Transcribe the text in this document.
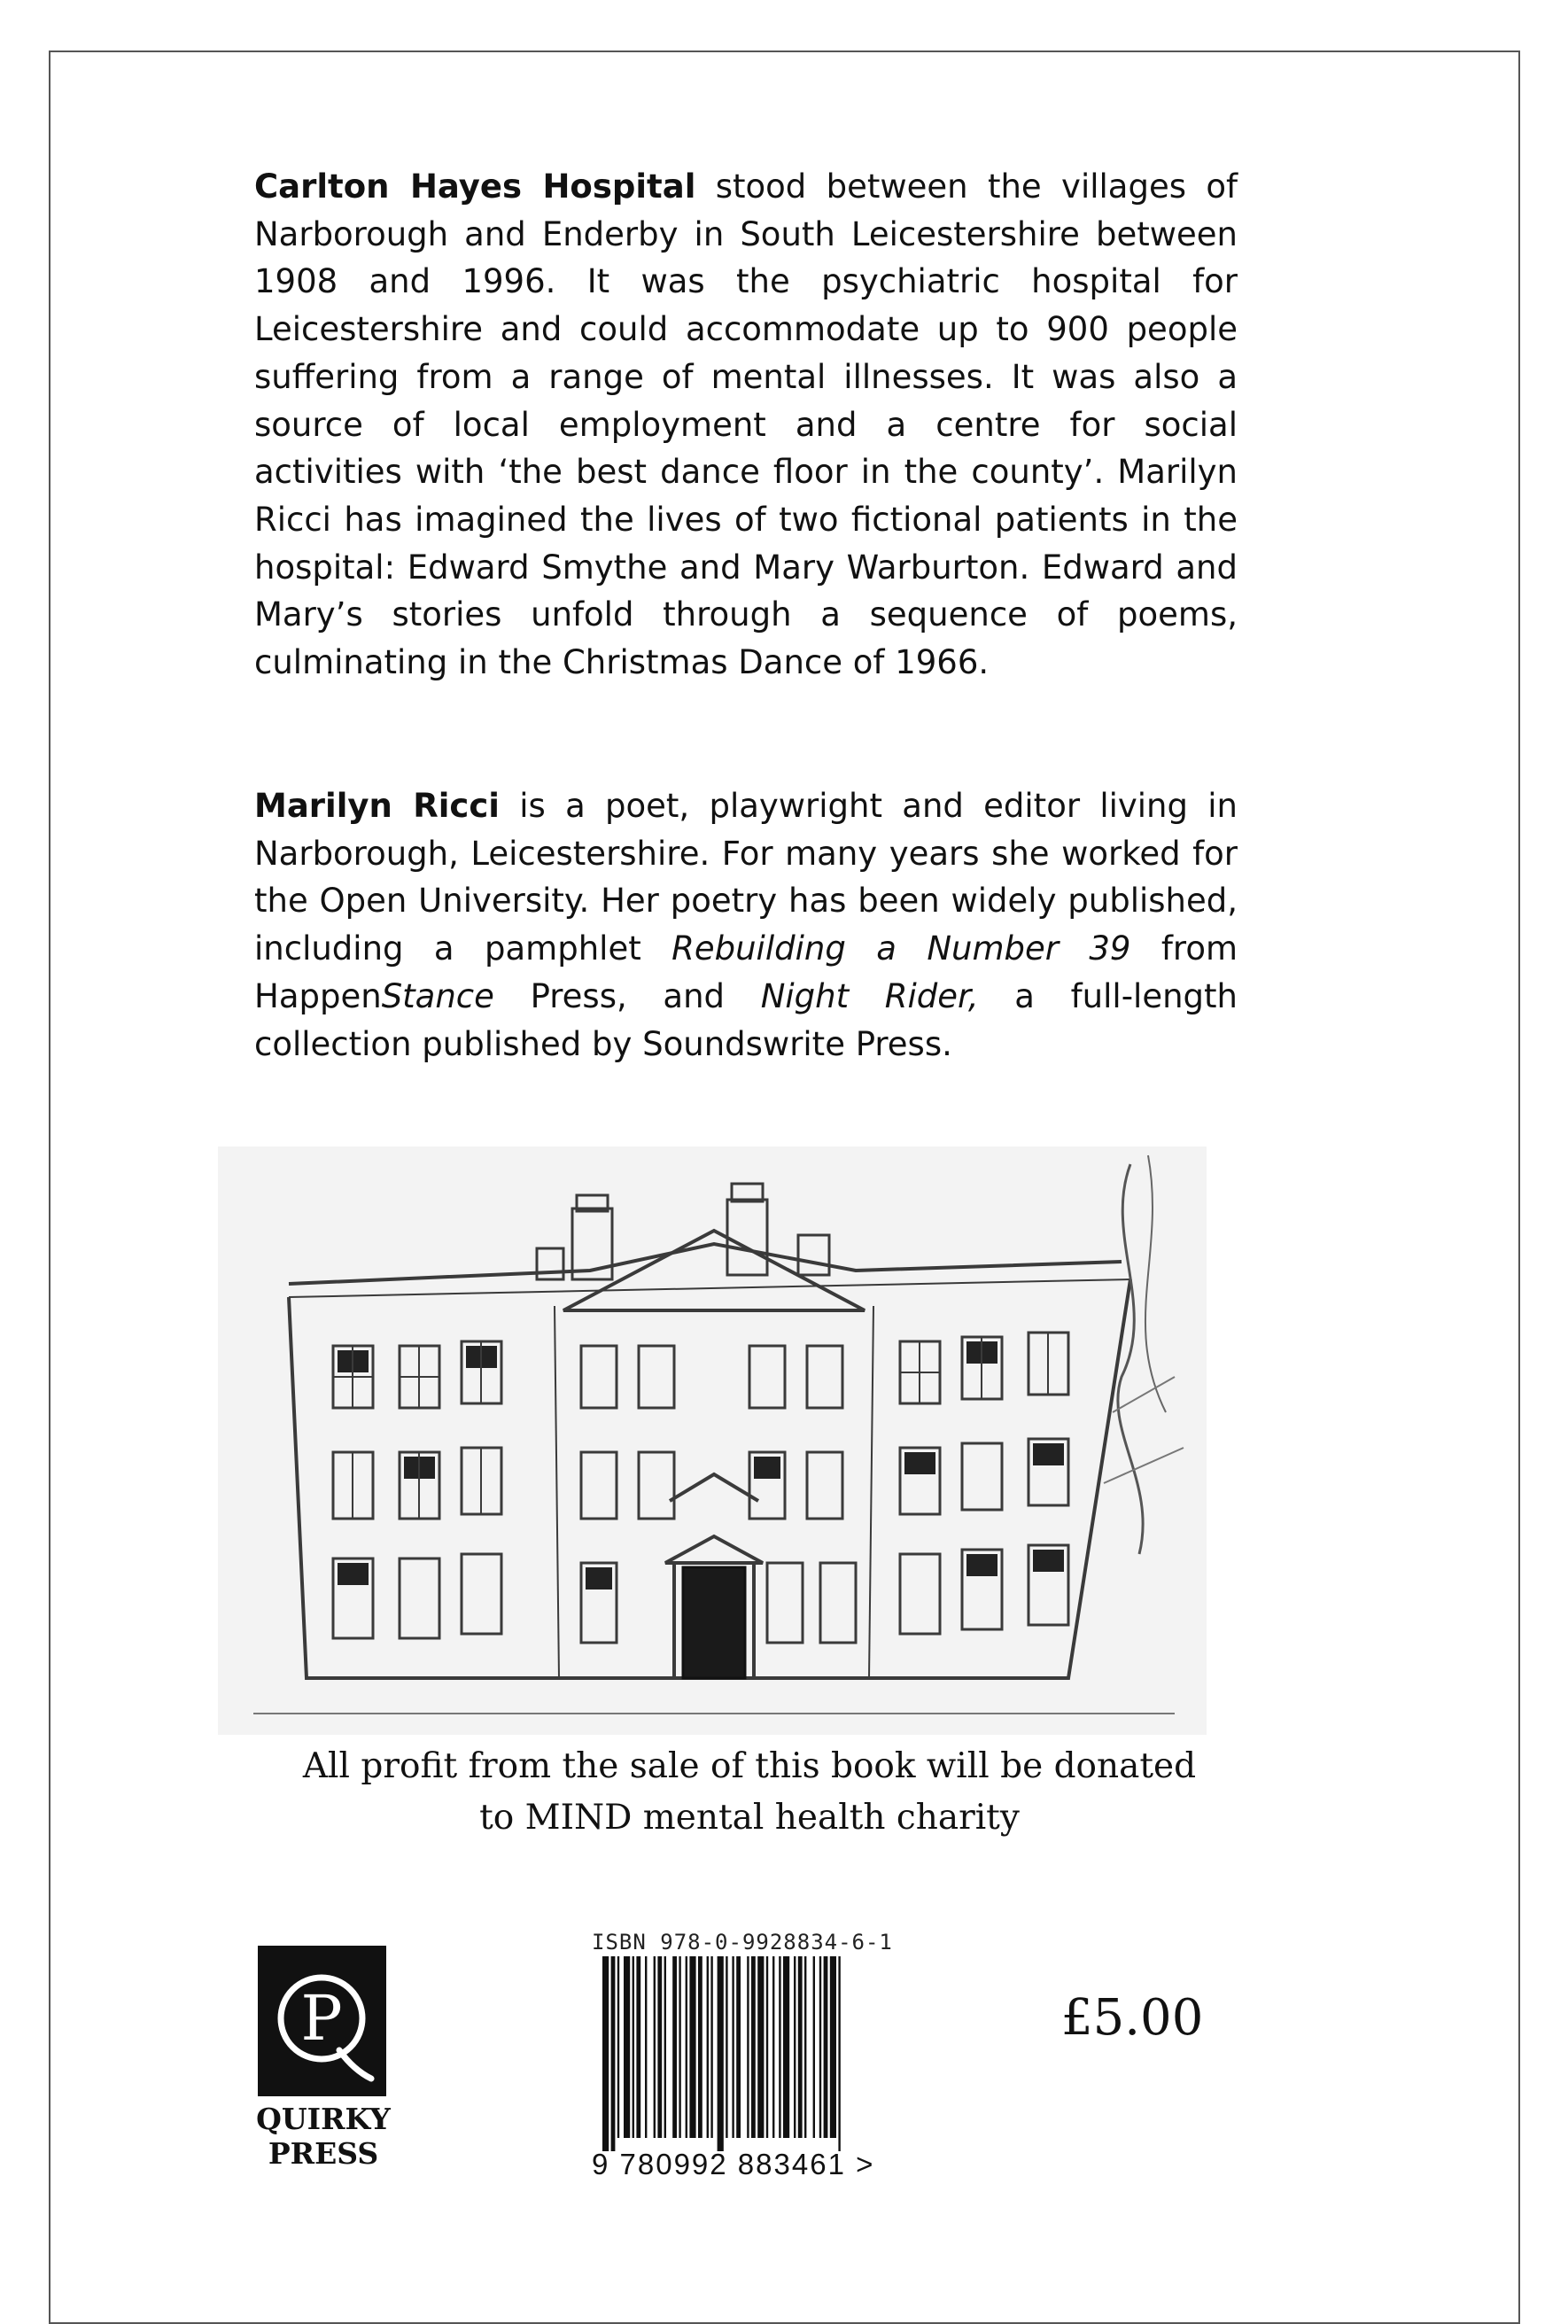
Carlton Hayes Hospital stood between the villages of Narborough and Enderby in South Leicestershire between 1908 and 1996. It was the psychiatric hospital for Leicestershire and could accommodate up to 900 people suffering from a range of mental illnesses. It was also a source of local employment and a centre for social activities with ‘the best dance floor in the county’. Marilyn Ricci has imagined the lives of two fictional patients in the hospital: Edward Smythe and Mary Warburton. Edward and Mary’s stories unfold through a sequence of poems, culminating in the Christmas Dance of 1966.

Marilyn Ricci is a poet, playwright and editor living in Narborough, Leicestershire. For many years she worked for the Open University. Her poetry has been widely published, including a pamphlet Rebuilding a Number 39 from HappenStance Press, and Night Rider, a full-length collection published by Soundswrite Press.

All profit from the sale of this book will be donated
to MIND mental health charity
P
QUIRKY PRESS
ISBN 978-0-9928834-6-1
9 780992 883461 >
£5.00
